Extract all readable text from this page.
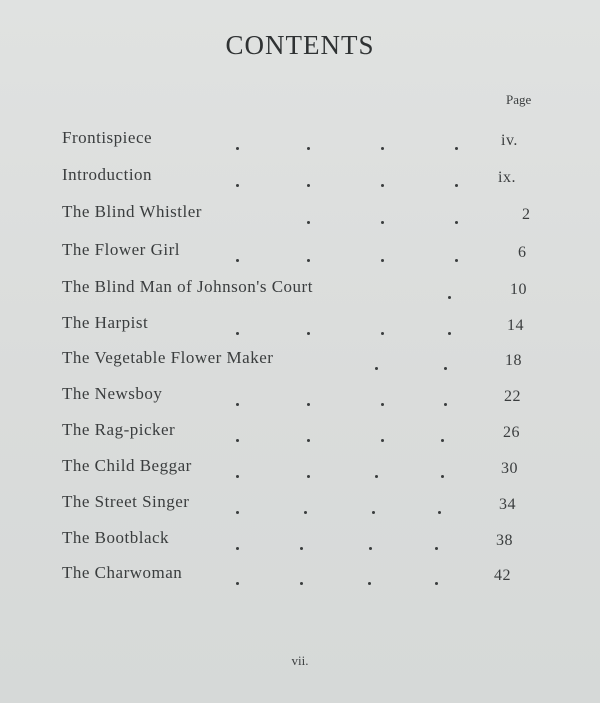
CONTENTS
Page
Frontispiece	iv.
Introduction	ix.
The Blind Whistler	2
The Flower Girl	6
The Blind Man of Johnson's Court	10
The Harpist	14
The Vegetable Flower Maker	18
The Newsboy	22
The Rag-picker	26
The Child Beggar	30
The Street Singer	34
The Bootblack	38
The Charwoman	42
vii.
